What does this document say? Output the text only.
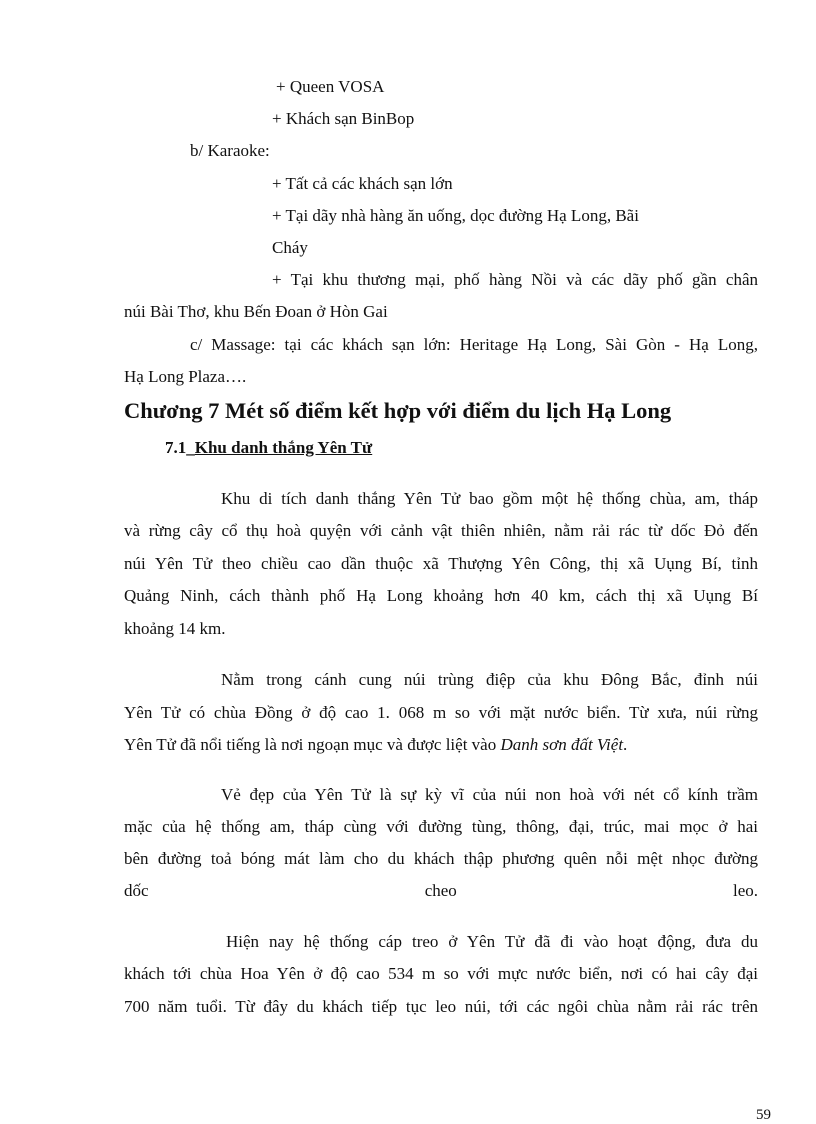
+ Queen VOSA
+ Khách sạn BinBop
b/ Karaoke:
+ Tất cả các khách sạn lớn
+ Tại dãy nhà hàng ăn uống, dọc đường Hạ Long, Bãi
Cháy
+ Tại khu thương mại, phố hàng Nồi và các dãy phố gần chân
núi Bài Thơ, khu Bến Đoan ở Hòn Gai
c/ Massage: tại các khách sạn lớn: Heritage Hạ Long, Sài Gòn - Hạ Long,
Hạ Long Plaza….
Chương 7 Mét số điểm kết hợp với điểm du lịch Hạ Long
7.1_Khu danh thắng Yên Tử
Khu di tích danh thắng Yên Tử bao gồm một hệ thống chùa, am, tháp
và rừng cây cổ thụ hoà quyện với cảnh vật thiên nhiên, nằm rải rác từ dốc Đỏ đến
núi Yên Tử theo chiều cao dần thuộc xã Thượng Yên Công, thị xã Uụng Bí, tỉnh
Quảng Ninh, cách thành phố Hạ Long khoảng hơn 40 km, cách thị xã Uụng Bí
khoảng 14 km.
Nằm trong cánh cung núi trùng điệp của khu Đông Bắc, đỉnh núi
Yên Tử có chùa Đồng ở độ cao 1. 068 m so với mặt nước biển. Từ xưa, núi rừng
Yên Tử đã nổi tiếng là nơi ngoạn mục và được liệt vào Danh sơn đất Việt.
Vẻ đẹp của Yên Tử là sự kỳ vĩ của núi non hoà với nét cổ kính trầm
mặc của hệ thống am, tháp cùng với đường tùng, thông, đại, trúc, mai mọc ở hai
bên đường toả bóng mát làm cho du khách thập phương quên nỗi mệt nhọc đường
dốc cheo leo.
Hiện nay hệ thống cáp treo ở Yên Tử đã đi vào hoạt động, đưa du
khách tới chùa Hoa Yên ở độ cao 534 m so với mực nước biển, nơi có hai cây đại
700 năm tuổi. Từ đây du khách tiếp tục leo núi, tới các ngôi chùa nằm rải rác trên
59
